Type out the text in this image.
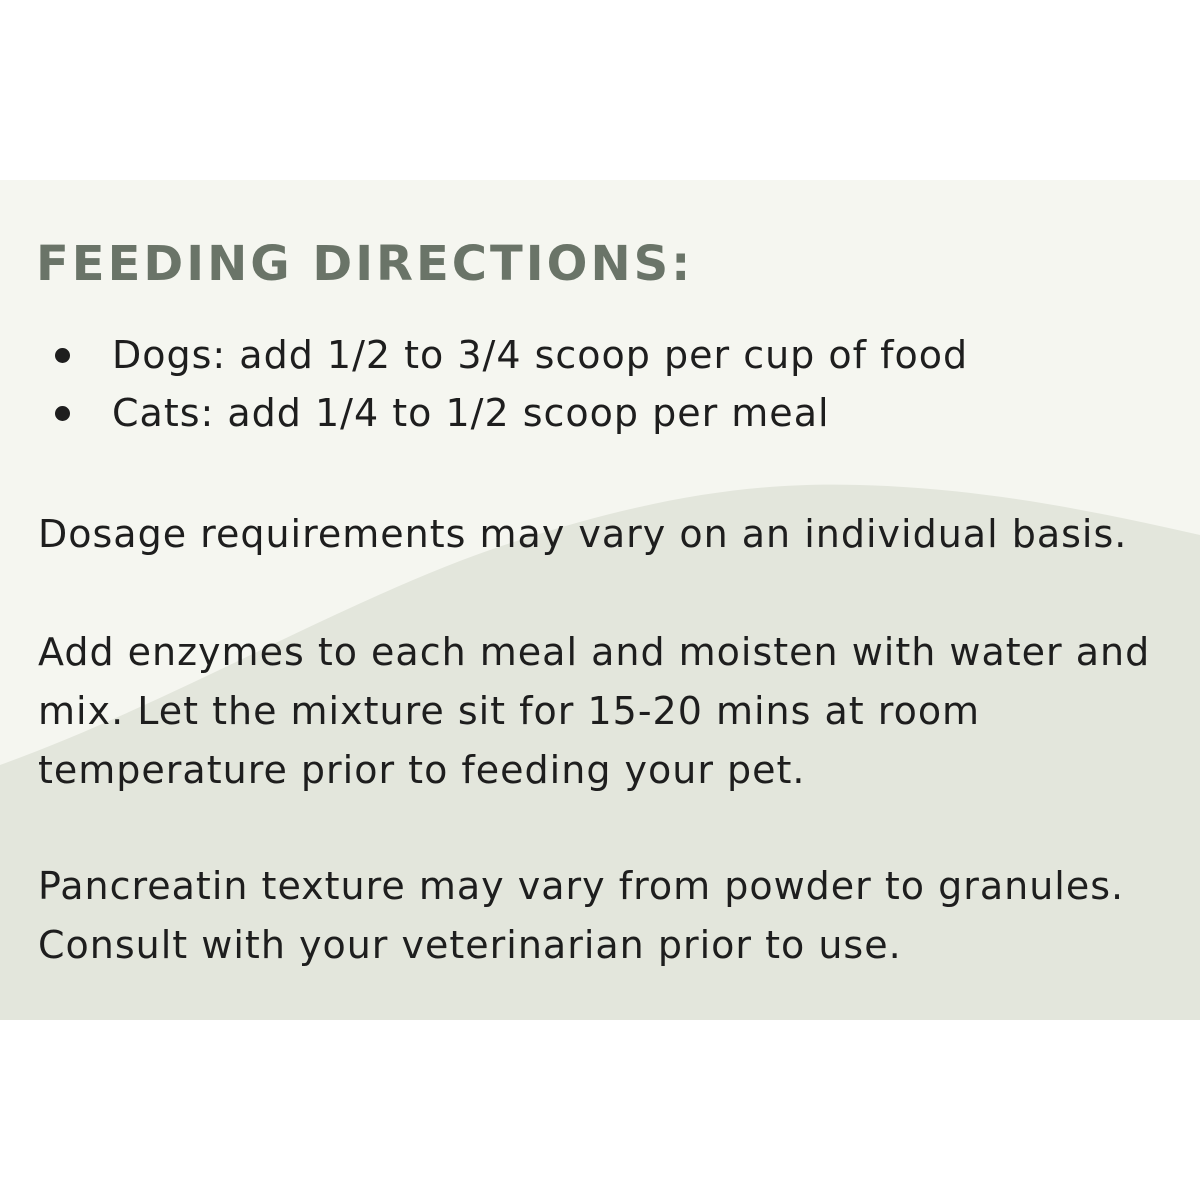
FEEDING DIRECTIONS:
Dogs: add 1/2 to 3/4 scoop per cup of food
Cats: add 1/4 to 1/2 scoop per meal

Dosage requirements may vary on an individual basis.

Add enzymes to each meal and moisten with water and
mix. Let the mixture sit for 15-20 mins at room
temperature prior to feeding your pet.

Pancreatin texture may vary from powder to granules.
Consult with your veterinarian prior to use.
